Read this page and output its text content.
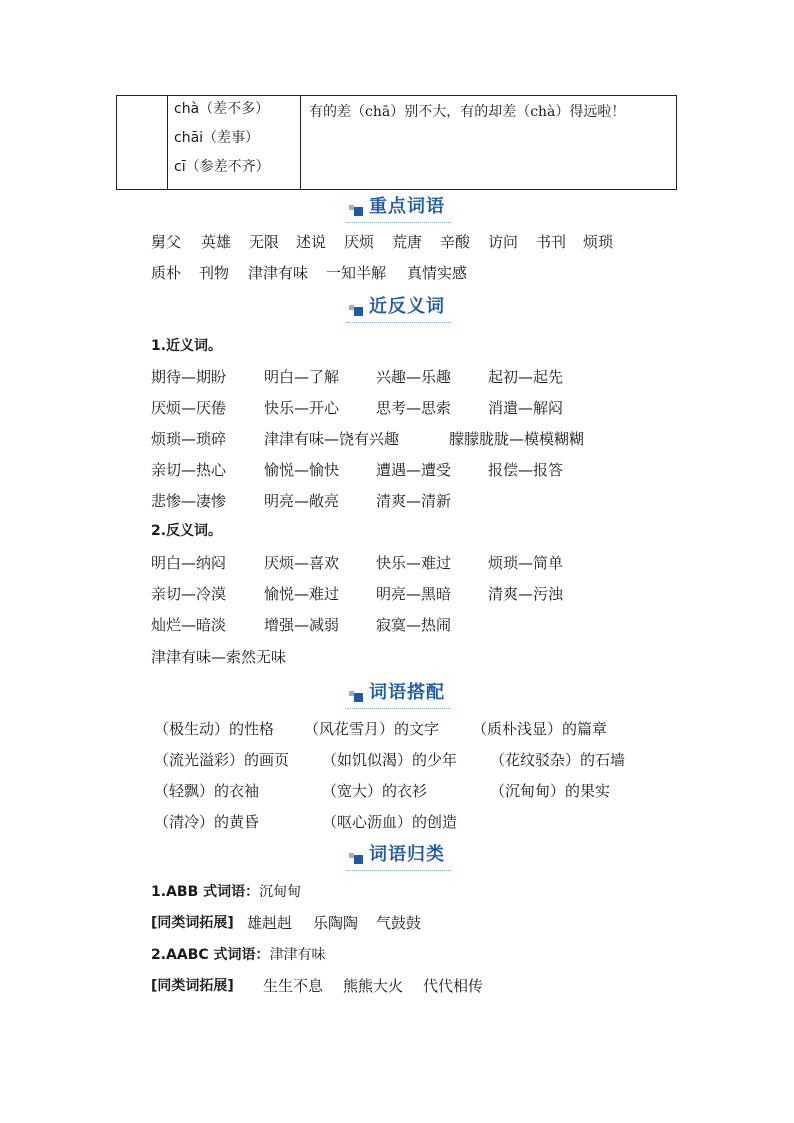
chà（差不多）
chāi（差事）
cī（参差不齐）

有的差（chā）别不大，有的却差（chà）得远啦！
重点词语
舅父 英雄 无限 述说 厌烦 荒唐 辛酸 访问 书刊 烦琐
质朴 刊物 津津有味 一知半解 真情实感
近反义词
1.近义词。
期待—期盼	明白—了解 兴趣—乐趣 起初—起先
厌烦—厌倦	快乐—开心 思考—思索 消遣—解闷
烦琐—琐碎	津津有味—饶有兴趣	朦朦胧胧—模模糊糊
亲切—热心	愉悦—愉快 遭遇—遭受 报偿—报答
悲惨—凄惨	明亮—敞亮 清爽—清新
2.反义词。
明白—纳闷	厌烦—喜欢 快乐—难过 烦琐—简单
亲切—冷漠	愉悦—难过 明亮—黑暗 清爽—污浊
灿烂—暗淡	增强—减弱 寂寞—热闹
津津有味—索然无味
词语搭配
（极生动）的性格 （风花雪月）的文字 （质朴浅显）的篇章
（流光溢彩）的画页 （如饥似渴）的少年 （花纹驳杂）的石墙
（轻飘）的衣袖	（宽大）的衣衫	（沉甸甸）的果实
（清冷）的黄昏	（呕心沥血）的创造
词语归类
1.ABB 式词语：沉甸甸
[同类词拓展] 雄赳赳 乐陶陶 气鼓鼓
2.AABC 式词语：津津有味
[同类词拓展] 生生不息 熊熊大火 代代相传
